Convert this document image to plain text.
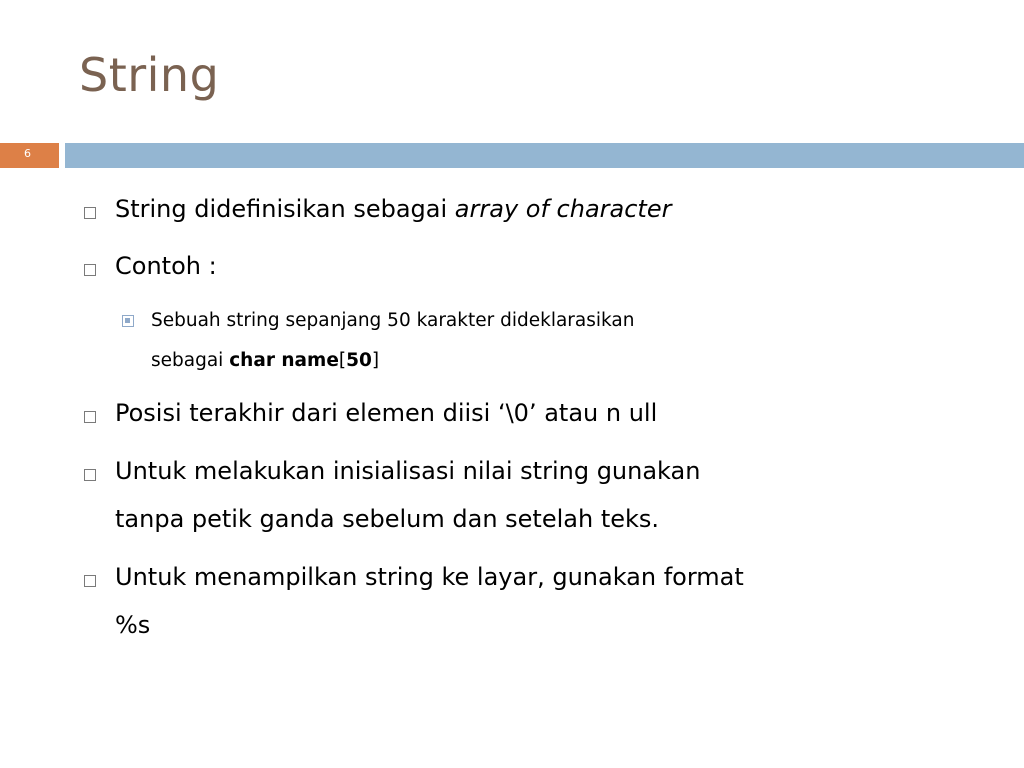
String
6
String didefinisikan sebagai array of character
Contoh :
Sebuah string sepanjang 50 karakter dideklarasikan
sebagai char name[50]
Posisi terakhir dari elemen diisi ‘\0’ atau n ull
Untuk melakukan inisialisasi nilai string gunakan
tanpa petik ganda sebelum dan setelah teks.
Untuk menampilkan string ke layar, gunakan format
%s
